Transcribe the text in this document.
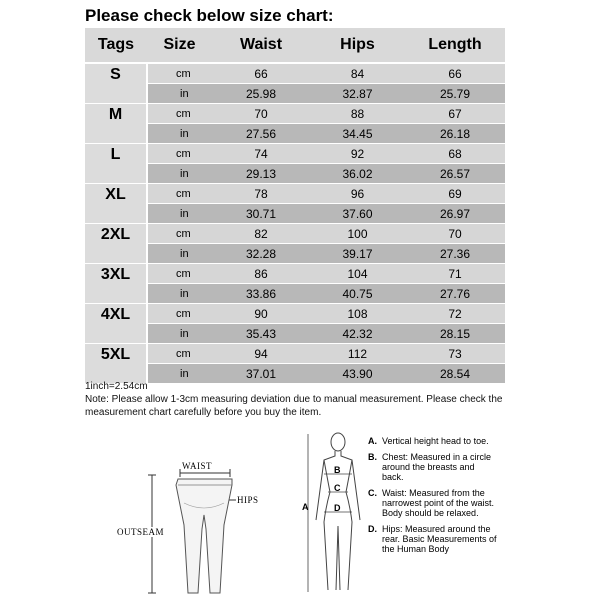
Please check below size chart:
Tags	Size	Waist	Hips	Length
S	cm	66	84	66
	in	25.98	32.87	25.79
M	cm	70	88	67
	in	27.56	34.45	26.18
L	cm	74	92	68
	in	29.13	36.02	26.57
XL	cm	78	96	69
	in	30.71	37.60	26.97
2XL	cm	82	100	70
	in	32.28	39.17	27.36
3XL	cm	86	104	71
	in	33.86	40.75	27.76
4XL	cm	90	108	72
	in	35.43	42.32	28.15
5XL	cm	94	112	73
	in	37.01	43.90	28.54
1inch=2.54cm
Note: Please allow 1-3cm measuring deviation due to manual measurement. Please check the measurement chart carefully before you buy the item.
WAIST
HIPS
OUTSEAM
A
B
C
D
A. Vertical height head to toe.
B. Chest: Measured in a circle around the breasts and back.
C. Waist: Measured from the narrowest point of the waist. Body should be relaxed.
D. Hips: Measured around the rear. Basic Measurements of the Human Body
